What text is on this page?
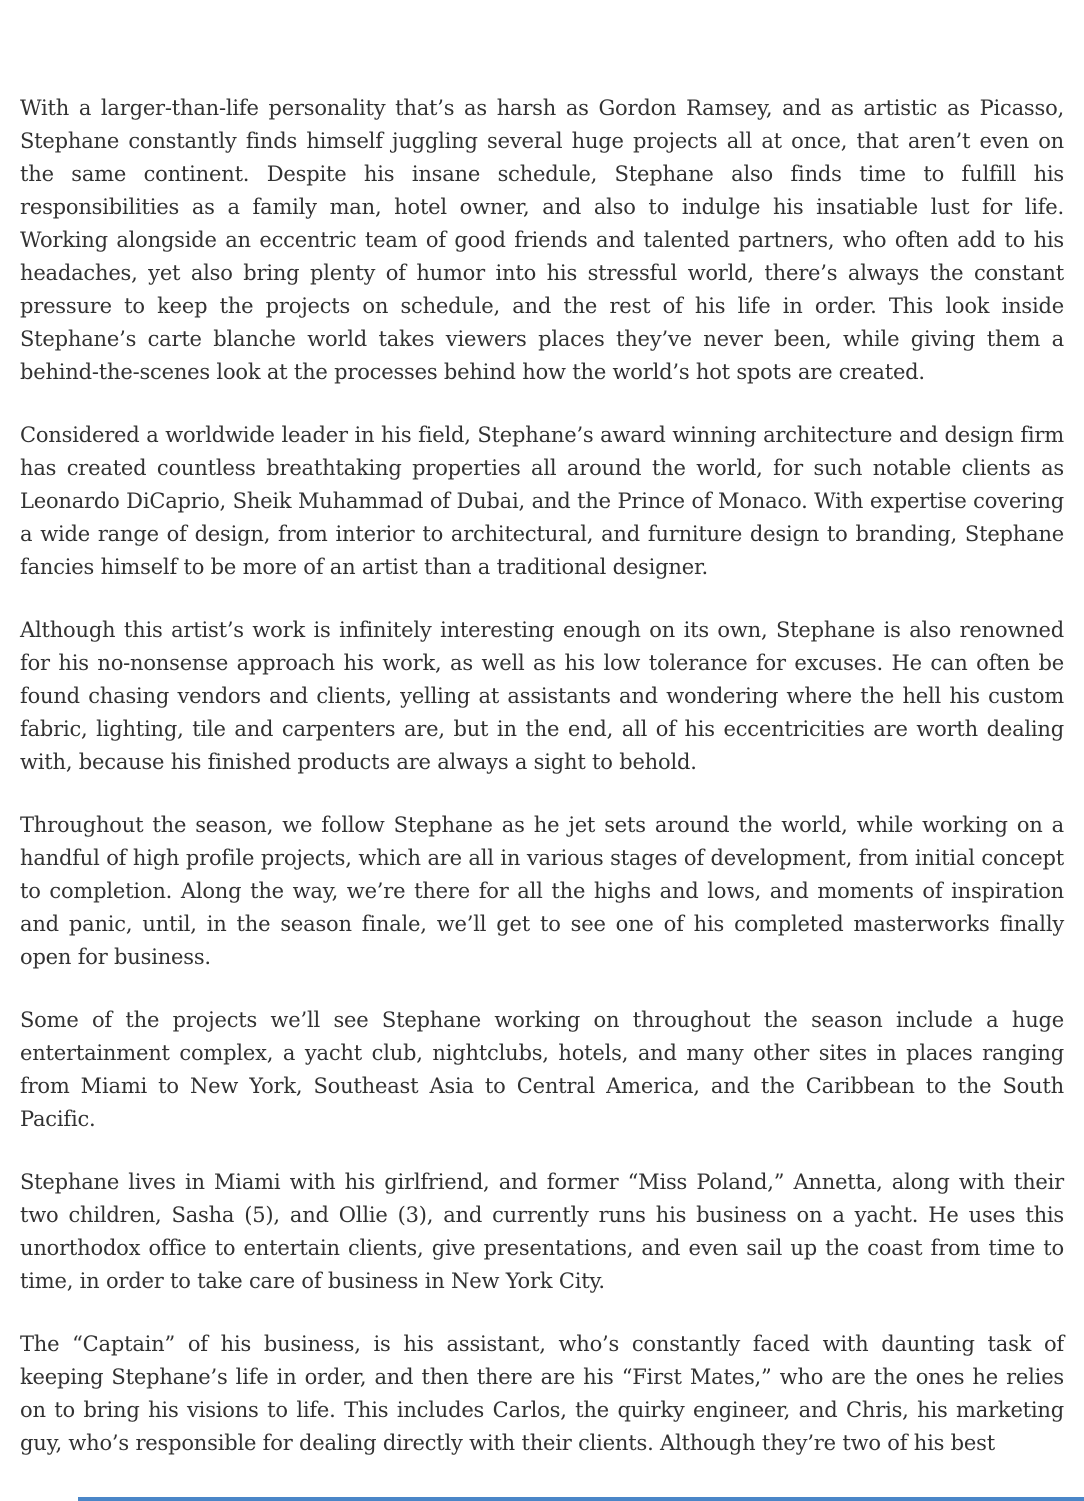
With a larger-than-life personality that’s as harsh as Gordon Ramsey, and as artistic as Picasso, Stephane constantly finds himself juggling several huge projects all at once, that aren’t even on the same continent. Despite his insane schedule, Stephane also finds time to fulfill his responsibilities as a family man, hotel owner, and also to indulge his insatiable lust for life. Working alongside an eccentric team of good friends and talented partners, who often add to his headaches, yet also bring plenty of humor into his stressful world, there’s always the constant pressure to keep the projects on schedule, and the rest of his life in order. This look inside Stephane’s carte blanche world takes viewers places they’ve never been, while giving them a behind-the-scenes look at the processes behind how the world’s hot spots are created.

Considered a worldwide leader in his field, Stephane’s award winning architecture and design firm has created countless breathtaking properties all around the world, for such notable clients as Leonardo DiCaprio, Sheik Muhammad of Dubai, and the Prince of Monaco. With expertise covering a wide range of design, from interior to architectural, and furniture design to branding, Stephane fancies himself to be more of an artist than a traditional designer.

Although this artist’s work is infinitely interesting enough on its own, Stephane is also renowned for his no-nonsense approach his work, as well as his low tolerance for excuses. He can often be found chasing vendors and clients, yelling at assistants and wondering where the hell his custom fabric, lighting, tile and carpenters are, but in the end, all of his eccentricities are worth dealing with, because his finished products are always a sight to behold.

Throughout the season, we follow Stephane as he jet sets around the world, while working on a handful of high profile projects, which are all in various stages of development, from initial concept to completion. Along the way, we’re there for all the highs and lows, and moments of inspiration and panic, until, in the season finale, we’ll get to see one of his completed masterworks finally open for business.

Some of the projects we’ll see Stephane working on throughout the season include a huge entertainment complex, a yacht club, nightclubs, hotels, and many other sites in places ranging from Miami to New York, Southeast Asia to Central America, and the Caribbean to the South Pacific.

Stephane lives in Miami with his girlfriend, and former “Miss Poland,” Annetta, along with their two children, Sasha (5), and Ollie (3), and currently runs his business on a yacht. He uses this unorthodox office to entertain clients, give presentations, and even sail up the coast from time to time, in order to take care of business in New York City.

The “Captain” of his business, is his assistant, who’s constantly faced with daunting task of keeping Stephane’s life in order, and then there are his “First Mates,” who are the ones he relies on to bring his visions to life. This includes Carlos, the quirky engineer, and Chris, his marketing guy, who’s responsible for dealing directly with their clients. Although they’re two of his best
